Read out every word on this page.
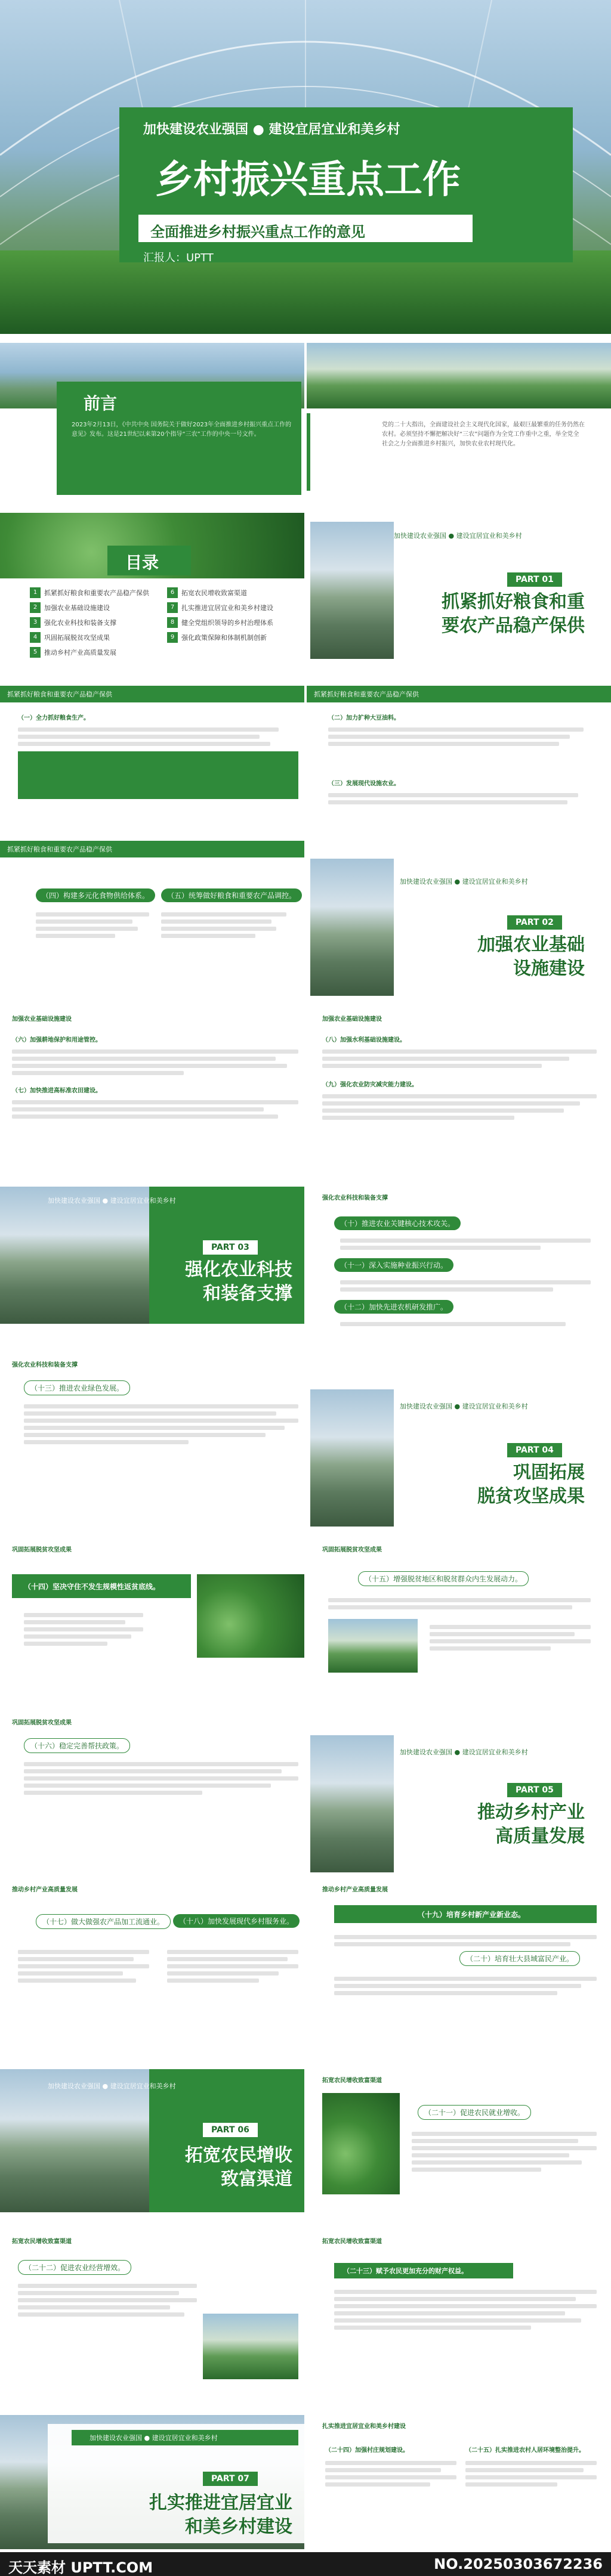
加快建设农业强国 ● 建设宜居宜业和美乡村
乡村振兴重点工作
全面推进乡村振兴重点工作的意见
汇报人：UPTT
前言
2023年2月13日，《中共中央 国务院关于做好2023年全面推进乡村振兴重点工作的意见》发布。这是21世纪以来第20个指导“三农”工作的中央一号文件。
党的二十大指出，全面建设社会主义现代化国家，最艰巨最繁重的任务仍然在农村。必须坚持不懈把解决好“三农”问题作为全党工作重中之重，举全党全社会之力全面推进乡村振兴，加快农业农村现代化。
目录
1	抓紧抓好粮食和重要农产品稳产保供
2	加强农业基础设施建设
3	强化农业科技和装备支撑
4	巩固拓展脱贫攻坚成果
5	推动乡村产业高质量发展
6	拓宽农民增收致富渠道
7	扎实推进宜居宜业和美乡村建设
8	健全党组织领导的乡村治理体系
9	强化政策保障和体制机制创新
加快建设农业强国 ● 建设宜居宜业和美乡村
PART 01
抓紧抓好粮食和重
要农产品稳产保供
抓紧抓好粮食和重要农产品稳产保供	抓紧抓好粮食和重要农产品稳产保供
（一）全力抓好粮食生产。	（二）加力扩种大豆油料。
（三）发展现代设施农业。
抓紧抓好粮食和重要农产品稳产保供
（四）构建多元化食物供给体系。	（五）统筹做好粮食和重要农产品调控。
加快建设农业强国 ● 建设宜居宜业和美乡村
PART 02
加强农业基础
设施建设
加强农业基础设施建设	加强农业基础设施建设
（六）加强耕地保护和用途管控。
（七）加快推进高标准农田建设。
（八）加强水利基础设施建设。
（九）强化农业防灾减灾能力建设。
加快建设农业强国 ● 建设宜居宜业和美乡村
PART 03
强化农业科技
和装备支撑
强化农业科技和装备支撑
（十）推进农业关键核心技术攻关。
（十一）深入实施种业振兴行动。
（十二）加快先进农机研发推广。
强化农业科技和装备支撑
（十三）推进农业绿色发展。
加快建设农业强国 ● 建设宜居宜业和美乡村
PART 04
巩固拓展
脱贫攻坚成果
巩固拓展脱贫攻坚成果
（十四）坚决守住不发生规模性返贫底线。
巩固拓展脱贫攻坚成果
（十五）增强脱贫地区和脱贫群众内生发展动力。
巩固拓展脱贫攻坚成果
（十六）稳定完善帮扶政策。
加快建设农业强国 ● 建设宜居宜业和美乡村
PART 05
推动乡村产业
高质量发展
推动乡村产业高质量发展
（十七）做大做强农产品加工流通业。	（十八）加快发展现代乡村服务业。
推动乡村产业高质量发展
（十九）培育乡村新产业新业态。
（二十）培育壮大县域富民产业。
加快建设农业强国 ● 建设宜居宜业和美乡村
PART 06
拓宽农民增收
致富渠道
拓宽农民增收致富渠道
（二十一）促进农民就业增收。
拓宽农民增收致富渠道
（二十二）促进农业经营增效。
拓宽农民增收致富渠道
（二十三）赋予农民更加充分的财产权益。
加快建设农业强国 ● 建设宜居宜业和美乡村
PART 07
扎实推进宜居宜业
和美乡村建设
扎实推进宜居宜业和美乡村建设
（二十四）加强村庄规划建设。	（二十五）扎实推进农村人居环境整治提升。
天天素材 UPTT.COM	NO.20250303672236
